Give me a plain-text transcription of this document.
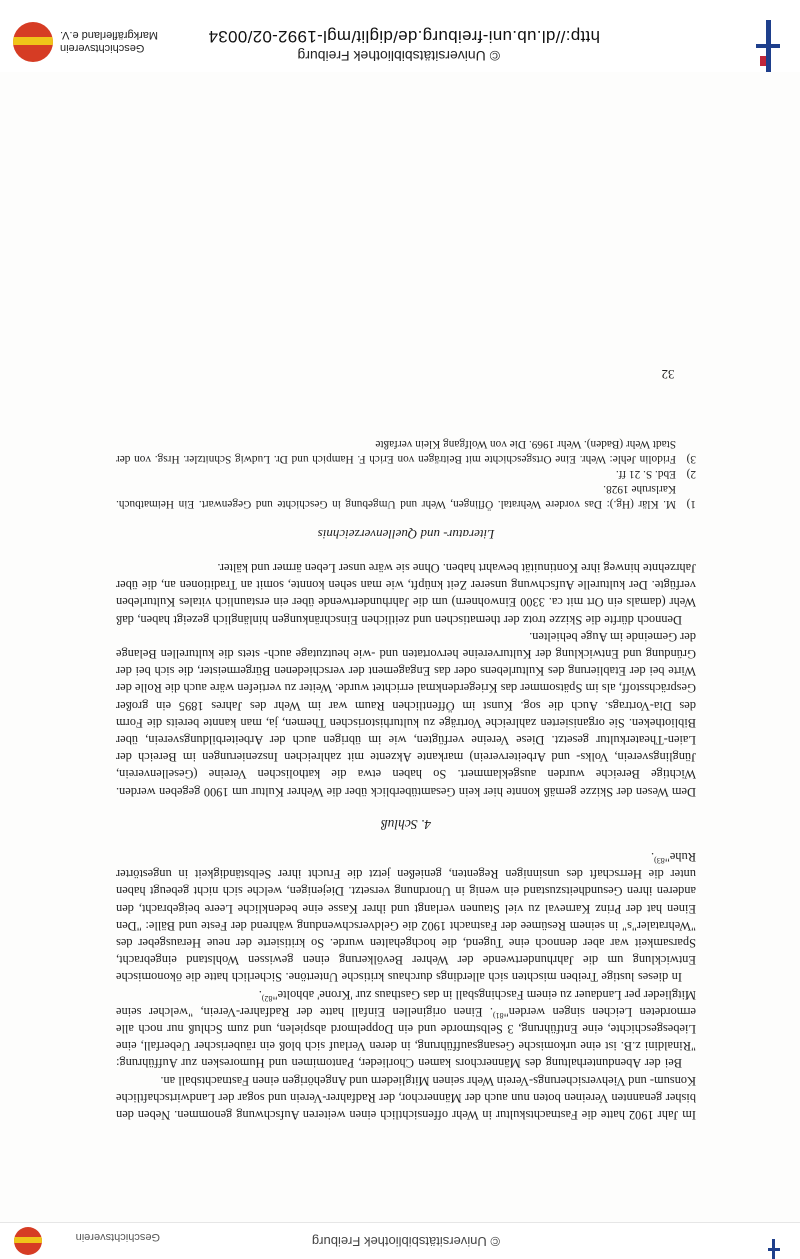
© Universitätsbibliothek Freiburg
Geschichtsverein

Im Jahr 1902 hatte die Fastnachtskultur in Wehr offensichtlich einen weiteren Aufschwung genommen. Neben den bisher genannten Vereinen boten nun auch der Männerchor, der Radfahrer-Verein und sogar der Landwirtschaftliche Konsum- und Viehversicherungs-Verein Wehr seinen Mitgliedern und Angehörigen einen Fastnachtsball an.

Bei der Abendunterhaltung des Männerchors kamen Chorlieder, Pantomimen und Humoresken zur Aufführung: "Rinaldini z.B. ist eine urkomische Gesangsaufführung, in deren Verlauf sich bloß ein räuberischer Ueberfall, eine Liebesgeschichte, eine Entführung, 3 Selbstmorde und ein Doppelmord abspielen, und zum Schluß nur noch alle ermordeten Leichen singen werden"$^{81)}$. Einen originellen Einfall hatte der Radfahrer-Verein, "welcher seine Mitglieder per Landauer zu einem Faschingsball in das Gasthaus zur 'Krone' abholte"$^{82)}$.

In dieses lustige Treiben mischten sich allerdings durchaus kritische Untertöne. Sicherlich hatte die ökonomische Entwicklung um die Jahrhundertwende der Wehrer Bevölkerung einen gewissen Wohlstand eingebracht, Sparsamkeit war aber dennoch eine Tugend, die hochgehalten wurde. So kritisierte der neue Herausgeber des "Wehrataler"s" in seinem Resümee der Fastnacht 1902 die Geldverschwendung während der Feste und Bälle: "Den Einen hat der Prinz Karneval zu viel Staunen verlangt und ihrer Kasse eine bedenkliche Leere beigebracht, den anderen ihren Gesundheitszustand ein wenig in Unordnung versetzt. Diejenigen, welche sich nicht gebeugt haben unter die Herrschaft des unsinnigen Regenten, genießen jetzt die Frucht ihrer Selbständigkeit in ungestörter Ruhe"$^{83)}$.

4. Schluß

Dem Wesen der Skizze gemäß konnte hier kein Gesamtüberblick über die Wehrer Kultur um 1900 gegeben werden. Wichtige Bereiche wurden ausgeklammert. So haben etwa die katholischen Vereine (Gesellenverein, Jünglingsverein, Volks- und Arbeiterverein) markante Akzente mit zahlreichen Inszenierungen im Bereich der Laien-Theaterkultur gesetzt. Diese Vereine verfügten, wie im übrigen auch der Arbeiterbildungsverein, über Bibliotheken. Sie organisierten zahlreiche Vorträge zu kulturhistorischen Themen, ja, man kannte bereits die Form des Dia-Vortrags. Auch die sog. Kunst im Öffentlichen Raum war im Wehr des Jahres 1895 ein großer Gesprächsstoff, als im Spätsommer das Kriegerdenkmal errichtet wurde. Weiter zu vertiefen wäre auch die Rolle der Wirte bei der Etablierung des Kulturlebens oder das Engagement der verschiedenen Bürgermeister, die sich bei der Gründung und Entwicklung der Kulturvereine hervortaten und -wie heutzutage auch- stets die kulturellen Belange der Gemeinde im Auge behielten.

Dennoch dürfte die Skizze trotz der thematischen und zeitlichen Einschränkungen hinlänglich gezeigt haben, daß Wehr (damals ein Ort mit ca. 3300 Einwohnern) um die Jahrhundertwende über ein erstaunlich vitales Kulturleben verfügte. Der kulturelle Aufschwung unserer Zeit knüpft, wie man sehen konnte, somit an Traditionen an, die über Jahrzehnte hinweg ihre Kontinuität bewahrt haben. Ohne sie wäre unser Leben ärmer und kälter.

Literatur- und Quellenverzeichnis
1)
M. Klär (Hg.): Das vordere Wehratal. Öflingen, Wehr und Umgebung in Geschichte und Gegenwart. Ein Heimatbuch. Karlsruhe 1928.
2)
Ebd. S. 21 ff.
3)
Fridolin Jehle: Wehr. Eine Ortsgeschichte mit Beiträgen von Erich F. Hampich und Dr. Ludwig Schnitzler. Hrsg. von der Stadt Wehr (Baden). Wehr 1969. Die von Wolfgang Klein verfaßte
32
© Universitätsbibliothek Freiburg
http://dl.ub.uni-freiburg.de/diglit/mgl-1992-02/0034
Geschichtsverein
Markgräflerland e.V.
